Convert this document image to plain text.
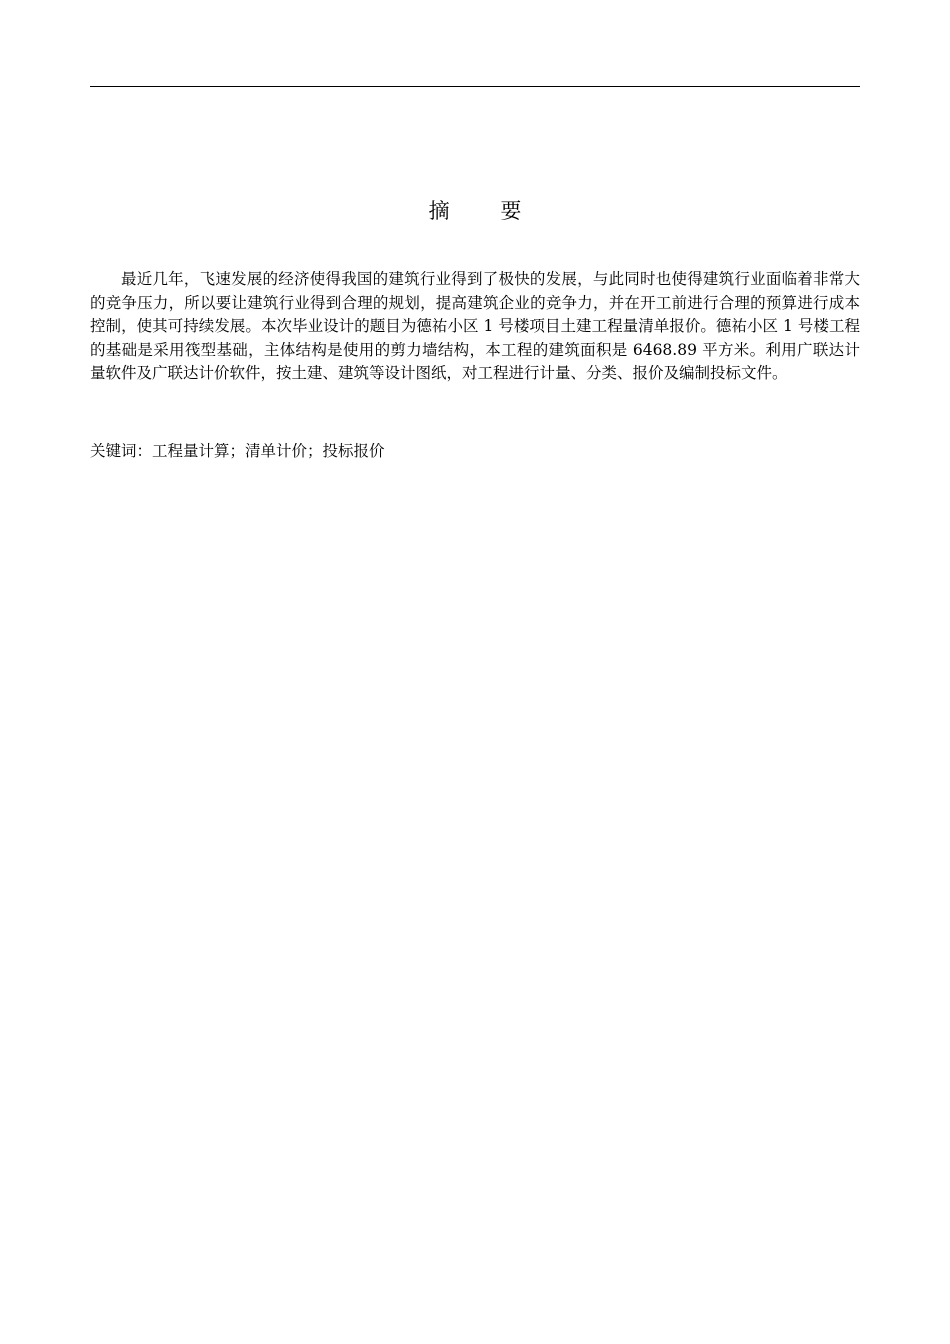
摘 要

最近几年，飞速发展的经济使得我国的建筑行业得到了极快的发展，与此同时也使得建筑行业面临着非常大的竞争压力，所以要让建筑行业得到合理的规划，提高建筑企业的竞争力，并在开工前进行合理的预算进行成本控制，使其可持续发展。本次毕业设计的题目为德祐小区 1 号楼项目土建工程量清单报价。德祐小区 1 号楼工程的基础是采用筏型基础，主体结构是使用的剪力墙结构，本工程的建筑面积是 6468.89 平方米。利用广联达计量软件及广联达计价软件，按土建、建筑等设计图纸，对工程进行计量、分类、报价及编制投标文件。

关键词：工程量计算；清单计价；投标报价
